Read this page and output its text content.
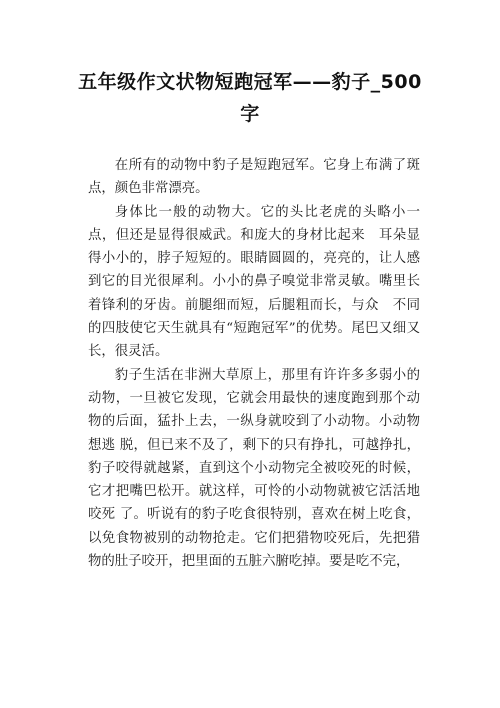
五年级作文状物短跑冠军——豹子_500字

在所有的动物中豹子是短跑冠军。它身上布满了斑点，颜色非常漂亮。

身体比一般的动物大。它的头比老虎的头略小一点，但还是显得很威武。和庞大的身材比起来　耳朵显得小小的，脖子短短的。眼睛圆圆的，亮亮的，让人感到它的目光很犀利。小小的鼻子嗅觉非常灵敏。嘴里长着锋利的牙齿。前腿细而短，后腿粗而长，与众　不同的四肢使它天生就具有“短跑冠军”的优势。尾巴又细又长，很灵活。

豹子生活在非洲大草原上，那里有许许多多弱小的动物，一旦被它发现，它就会用最快的速度跑到那个动物的后面，猛扑上去，一纵身就咬到了小动物。小动物想逃 脱，但已来不及了，剩下的只有挣扎，可越挣扎，豹子咬得就越紧，直到这个小动物完全被咬死的时候，它才把嘴巴松开。就这样，可怜的小动物就被它活活地咬死 了。听说有的豹子吃食很特别，喜欢在树上吃食，以免食物被别的动物抢走。它们把猎物咬死后，先把猎物的肚子咬开，把里面的五脏六腑吃掉。要是吃不完，
